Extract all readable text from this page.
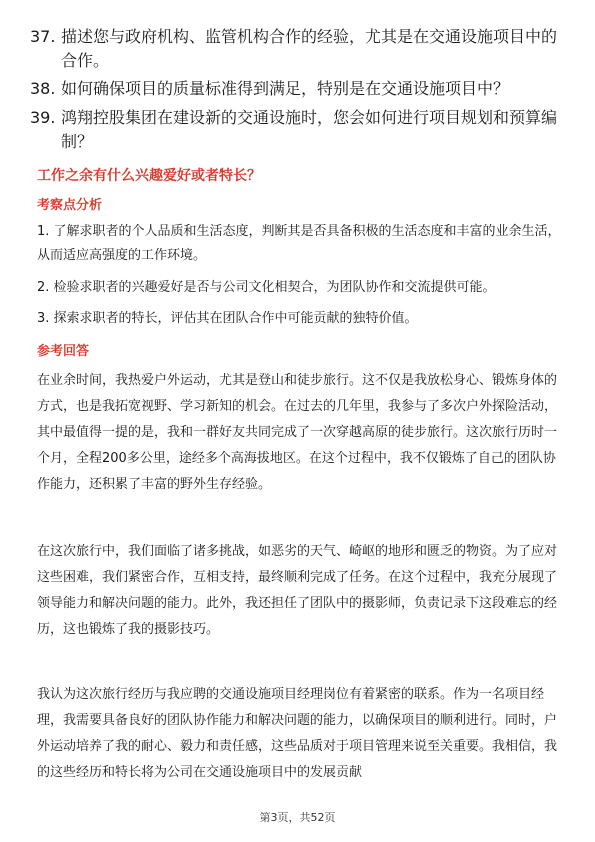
37. 描述您与政府机构、监管机构合作的经验，尤其是在交通设施项目中的合作。
38. 如何确保项目的质量标准得到满足，特别是在交通设施项目中？
39. 鸿翔控股集团在建设新的交通设施时，您会如何进行项目规划和预算编制？
工作之余有什么兴趣爱好或者特长？
考察点分析
1. 了解求职者的个人品质和生活态度，判断其是否具备积极的生活态度和丰富的业余生活，从而适应高强度的工作环境。
2. 检验求职者的兴趣爱好是否与公司文化相契合，为团队协作和交流提供可能。
3. 探索求职者的特长，评估其在团队合作中可能贡献的独特价值。
参考回答
在业余时间，我热爱户外运动，尤其是登山和徒步旅行。这不仅是我放松身心、锻炼身体的方式，也是我拓宽视野、学习新知的机会。在过去的几年里，我参与了多次户外探险活动，其中最值得一提的是，我和一群好友共同完成了一次穿越高原的徒步旅行。这次旅行历时一个月，全程200多公里，途经多个高海拔地区。在这个过程中，我不仅锻炼了自己的团队协作能力，还积累了丰富的野外生存经验。
在这次旅行中，我们面临了诸多挑战，如恶劣的天气、崎岖的地形和匮乏的物资。为了应对这些困难，我们紧密合作，互相支持，最终顺利完成了任务。在这个过程中，我充分展现了领导能力和解决问题的能力。此外，我还担任了团队中的摄影师，负责记录下这段难忘的经历，这也锻炼了我的摄影技巧。
我认为这次旅行经历与我应聘的交通设施项目经理岗位有着紧密的联系。作为一名项目经理，我需要具备良好的团队协作能力和解决问题的能力，以确保项目的顺利进行。同时，户外运动培养了我的耐心、毅力和责任感，这些品质对于项目管理来说至关重要。我相信，我的这些经历和特长将为公司在交通设施项目中的发展贡献
第3页，共52页
